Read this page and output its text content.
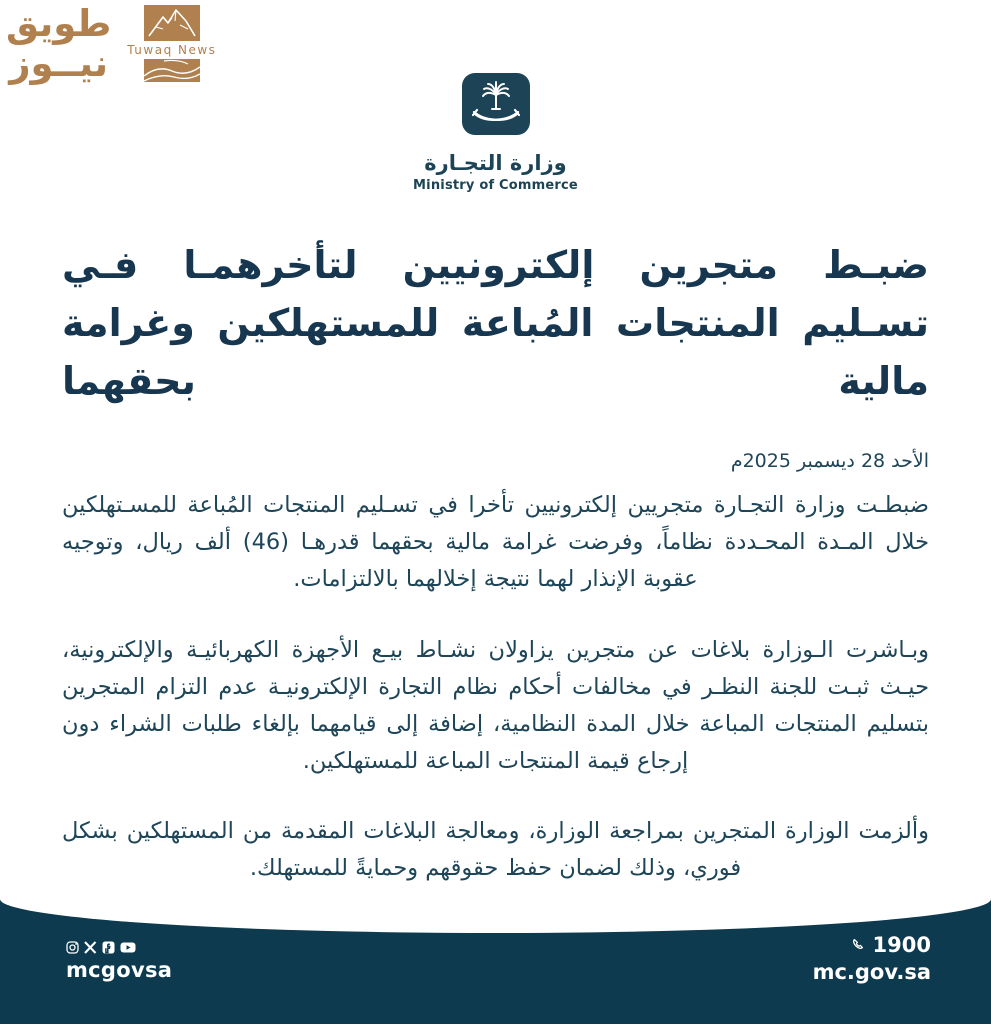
طويق
نيــوز Tuwaq News
وزارة التجـارة
Ministry of Commerce
ضبـط متجرين إلكترونيين لتأخرهمـا فـي تسـليم المنتجات المُباعة للمستهلكين وغرامة مالية بحقهما
الأحد 28 ديسمبر 2025م

ضبطـت وزارة التجـارة متجريين إلكترونيين تأخرا في تسـليم المنتجات المُباعة للمسـتهلكين خلال المـدة المحـددة نظاماً، وفرضت غرامة مالية بحقهما قدرهـا (46) ألف ريال، وتوجيه عقوبة الإنذار لهما نتيجة إخلالهما بالالتزامات.

وبـاشرت الـوزارة بلاغات عن متجرين يزاولان نشـاط بيـع الأجهزة الكهربائيـة والإلكترونية، حيـث ثبـت للجنة النظـر في مخالفات أحكام نظام التجارة الإلكترونيـة عدم التزام المتجرين بتسليم المنتجات المباعة خلال المدة النظامية، إضافة إلى قيامهما بإلغاء طلبات الشراء دون إرجاع قيمة المنتجات المباعة للمستهلكين.

وألزمت الوزارة المتجرين بمراجعة الوزارة، ومعالجة البلاغات المقدمة من المستهلكين بشكل فوري، وذلك لضمان حفظ حقوقهم وحمايةً للمستهلك.

mcgovsa
1900
mc.gov.sa
